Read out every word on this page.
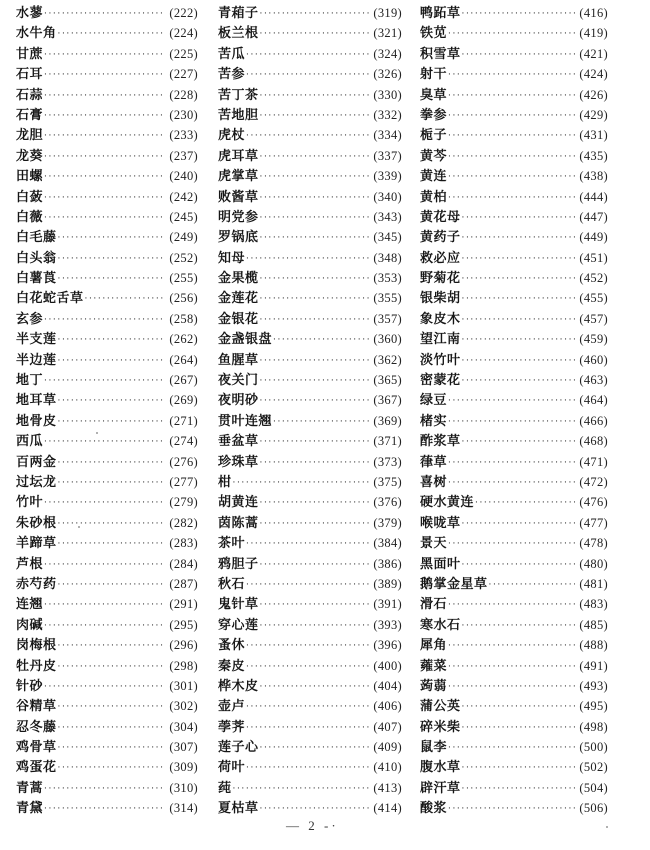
水蓼 ·····	(222)
水牛角 ·····	(224)
甘蔗 ·····	(225)
石耳 ·····	(227)
石蒜 ·····	(228)
石膏 ·····	(230)
龙胆 ·····	(233)
龙葵 ·····	(237)
田螺 ·····	(240)
白蔹 ·····	(242)
白薇 ·····	(245)
白毛藤 ·····	(249)
白头翁 ·····	(252)
白薯莨 ·····	(255)
白花蛇舌草 ·····	(256)
玄参 ·····	(258)
半支莲 ·····	(262)
半边莲 ·····	(264)
地丁 ·····	(267)
地耳草 ·····	(269)
地骨皮 ·····	(271)
西瓜 ·····	(274)
百两金 ·····	(276)
过坛龙 ·····	(277)
竹叶 ·····	(279)
朱砂根 ·····	(282)
羊蹄草 ·····	(283)
芦根 ·····	(284)
赤芍药 ·····	(287)
连翘 ·····	(291)
肉碱 ·····	(295)
岗梅根 ·····	(296)
牡丹皮 ·····	(298)
针砂 ·····	(301)
谷精草 ·····	(302)
忍冬藤 ·····	(304)
鸡骨草 ·····	(307)
鸡蛋花 ·····	(309)
青蒿 ·····	(310)
青黛 ·····	(314)
青葙子 ·····	(319)
板兰根 ·····	(321)
苦瓜 ·····	(324)
苦参 ·····	(326)
苦丁茶 ·····	(330)
苦地胆 ·····	(332)
虎杖 ·····	(334)
虎耳草 ·····	(337)
虎掌草 ·····	(339)
败酱草 ·····	(340)
明党参 ·····	(343)
罗锅底 ·····	(345)
知母 ·····	(348)
金果榄 ·····	(353)
金莲花 ·····	(355)
金银花 ·····	(357)
金盏银盘 ·····	(360)
鱼腥草 ·····	(362)
夜关门 ·····	(365)
夜明砂 ·····	(367)
贯叶连翘 ·····	(369)
垂盆草 ·····	(371)
珍珠草 ·····	(373)
柑 ·····	(375)
胡黄连 ·····	(376)
茵陈蒿 ·····	(379)
茶叶 ·····	(384)
鸦胆子 ·····	(386)
秋石 ·····	(389)
鬼针草 ·····	(391)
穿心莲 ·····	(393)
蚤休 ·····	(396)
秦皮 ·····	(400)
桦木皮 ·····	(404)
壶卢 ·····	(406)
荸荠 ·····	(407)
莲子心 ·····	(409)
荷叶 ·····	(410)
莼 ·····	(413)
夏枯草 ·····	(414)
鸭跖草 ·····	(416)
铁苋 ·····	(419)
积雪草 ·····	(421)
射干 ·····	(424)
臭草 ·····	(426)
拳参 ·····	(429)
栀子 ·····	(431)
黄芩 ·····	(435)
黄连 ·····	(438)
黄柏 ·····	(444)
黄花母 ·····	(447)
黄药子 ·····	(449)
救必应 ·····	(451)
野菊花 ·····	(452)
银柴胡 ·····	(455)
象皮木 ·····	(457)
望江南 ·····	(459)
淡竹叶 ·····	(460)
密蒙花 ·····	(463)
绿豆 ·····	(464)
楮实 ·····	(466)
酢浆草 ·····	(468)
葎草 ·····	(471)
喜树 ·····	(472)
硬水黄连 ·····	(476)
喉咙草 ·····	(477)
景天 ·····	(478)
黑面叶 ·····	(480)
鹅掌金星草 ·····	(481)
滑石 ·····	(483)
寒水石 ·····	(485)
犀角 ·····	(488)
蕹菜 ·····	(491)
蒟蒻 ·····	(493)
蒲公英 ·····	(495)
碎米柴 ·····	(498)
鼠李 ·····	(500)
腹水草 ·····	(502)
辟汗草 ·····	(504)
酸浆 ·····	(506)
— 2 -·
